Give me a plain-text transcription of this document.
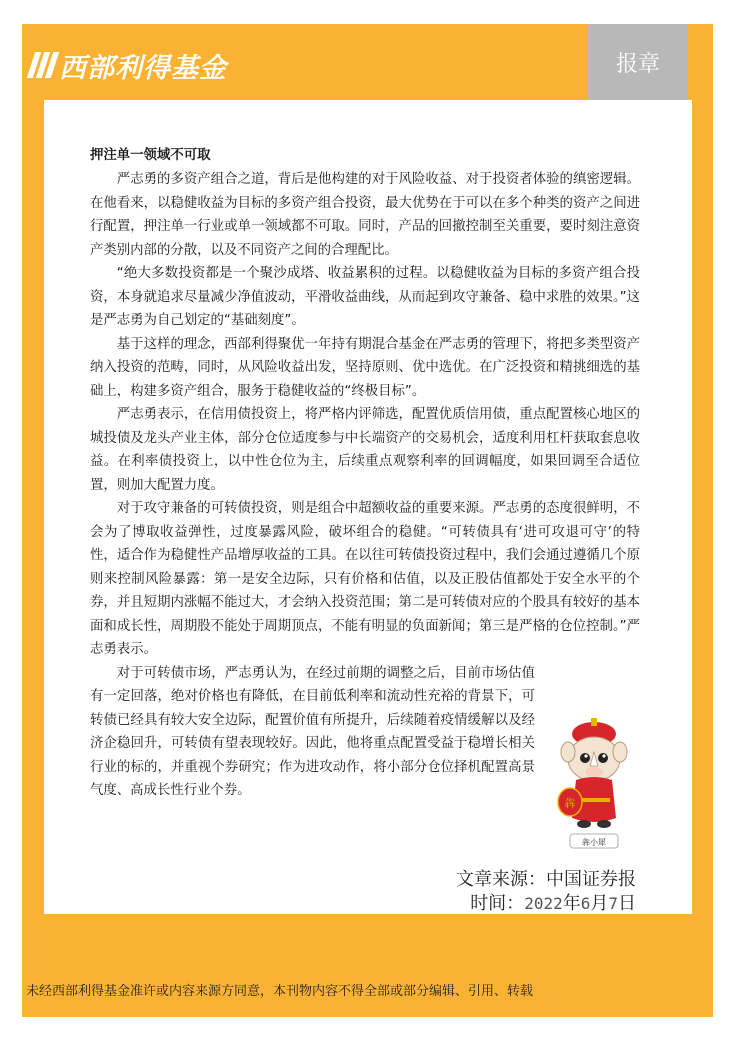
西部利得基金	报章
押注单一领域不可取

严志勇的多资产组合之道，背后是他构建的对于风险收益、对于投资者体验的缜密逻辑。在他看来，以稳健收益为目标的多资产组合投资，最大优势在于可以在多个种类的资产之间进行配置，押注单一行业或单一领域都不可取。同时，产品的回撤控制至关重要，要时刻注意资产类别内部的分散，以及不同资产之间的合理配比。

“绝大多数投资都是一个聚沙成塔、收益累积的过程。以稳健收益为目标的多资产组合投资，本身就追求尽量减少净值波动，平滑收益曲线，从而起到攻守兼备、稳中求胜的效果。”这是严志勇为自己划定的“基础刻度”。

基于这样的理念，西部利得聚优一年持有期混合基金在严志勇的管理下，将把多类型资产纳入投资的范畴，同时，从风险收益出发，坚持原则、优中选优。在广泛投资和精挑细选的基础上，构建多资产组合，服务于稳健收益的“终极目标”。

严志勇表示，在信用债投资上，将严格内评筛选，配置优质信用债，重点配置核心地区的城投债及龙头产业主体，部分仓位适度参与中长端资产的交易机会，适度利用杠杆获取套息收益。在利率债投资上，以中性仓位为主，后续重点观察利率的回调幅度，如果回调至合适位置，则加大配置力度。

对于攻守兼备的可转债投资，则是组合中超额收益的重要来源。严志勇的态度很鲜明，不会为了博取收益弹性，过度暴露风险，破坏组合的稳健。“可转债具有‘进可攻退可守’的特性，适合作为稳健性产品增厚收益的工具。在以往可转债投资过程中，我们会通过遵循几个原则来控制风险暴露：第一是安全边际，只有价格和估值，以及正股估值都处于安全水平的个券，并且短期内涨幅不能过大，才会纳入投资范围；第二是可转债对应的个股具有较好的基本面和成长性，周期股不能处于周期顶点，不能有明显的负面新闻；第三是严格的仓位控制。”严志勇表示。

对于可转债市场，严志勇认为，在经过前期的调整之后，目前市场估值有一定回落，绝对价格也有降低，在目前低利率和流动性充裕的背景下，可转债已经具有较大安全边际，配置价值有所提升，后续随着疫情缓解以及经济企稳回升，可转债有望表现较好。因此，他将重点配置受益于稳增长相关行业的标的，并重视个券研究；作为进攻动作，将小部分仓位择机配置高景气度、高成长性行业个券。

犇
犇小犀
文章来源：中国证券报
时间：2022年6月7日
未经西部利得基金准许或内容来源方同意，本刊物内容不得全部或部分编辑、引用、转载
